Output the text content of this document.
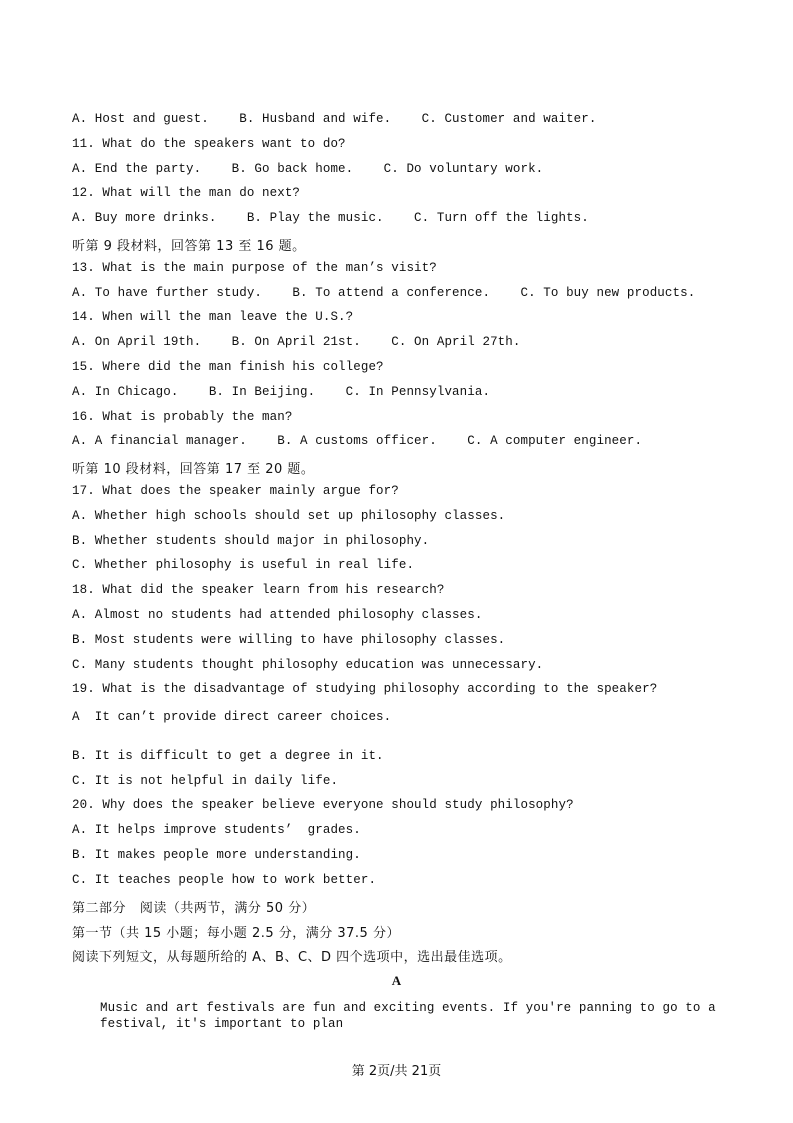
A. Host and guest.    B. Husband and wife.    C. Customer and waiter.
11. What do the speakers want to do?
A. End the party.    B. Go back home.    C. Do voluntary work.
12. What will the man do next?
A. Buy more drinks.    B. Play the music.    C. Turn off the lights.
听第 9 段材料，回答第 13 至 16 题。
13. What is the main purpose of the man’s visit?
A. To have further study.    B. To attend a conference.    C. To buy new products.
14. When will the man leave the U.S.?
A. On April 19th.    B. On April 21st.    C. On April 27th.
15. Where did the man finish his college?
A. In Chicago.    B. In Beijing.    C. In Pennsylvania.
16. What is probably the man?
A. A financial manager.    B. A customs officer.    C. A computer engineer.
听第 10 段材料，回答第 17 至 20 题。
17. What does the speaker mainly argue for?
A. Whether high schools should set up philosophy classes.
B. Whether students should major in philosophy.
C. Whether philosophy is useful in real life.
18. What did the speaker learn from his research?
A. Almost no students had attended philosophy classes.
B. Most students were willing to have philosophy classes.
C. Many students thought philosophy education was unnecessary.
19. What is the disadvantage of studying philosophy according to the speaker?
A  It can’t provide direct career choices.
B. It is difficult to get a degree in it.
C. It is not helpful in daily life.
20. Why does the speaker believe everyone should study philosophy?
A. It helps improve students’  grades.
B. It makes people more understanding.
C. It teaches people how to work better.
第二部分   阅读（共两节，满分 50 分）
第一节（共 15 小题；每小题 2.5 分，满分 37.5 分）
阅读下列短文，从每题所给的 A、B、C、D 四个选项中，选出最佳选项。
A
Music and art festivals are fun and exciting events. If you're panning to go to a festival, it's important to plan
第 2页/共 21页
